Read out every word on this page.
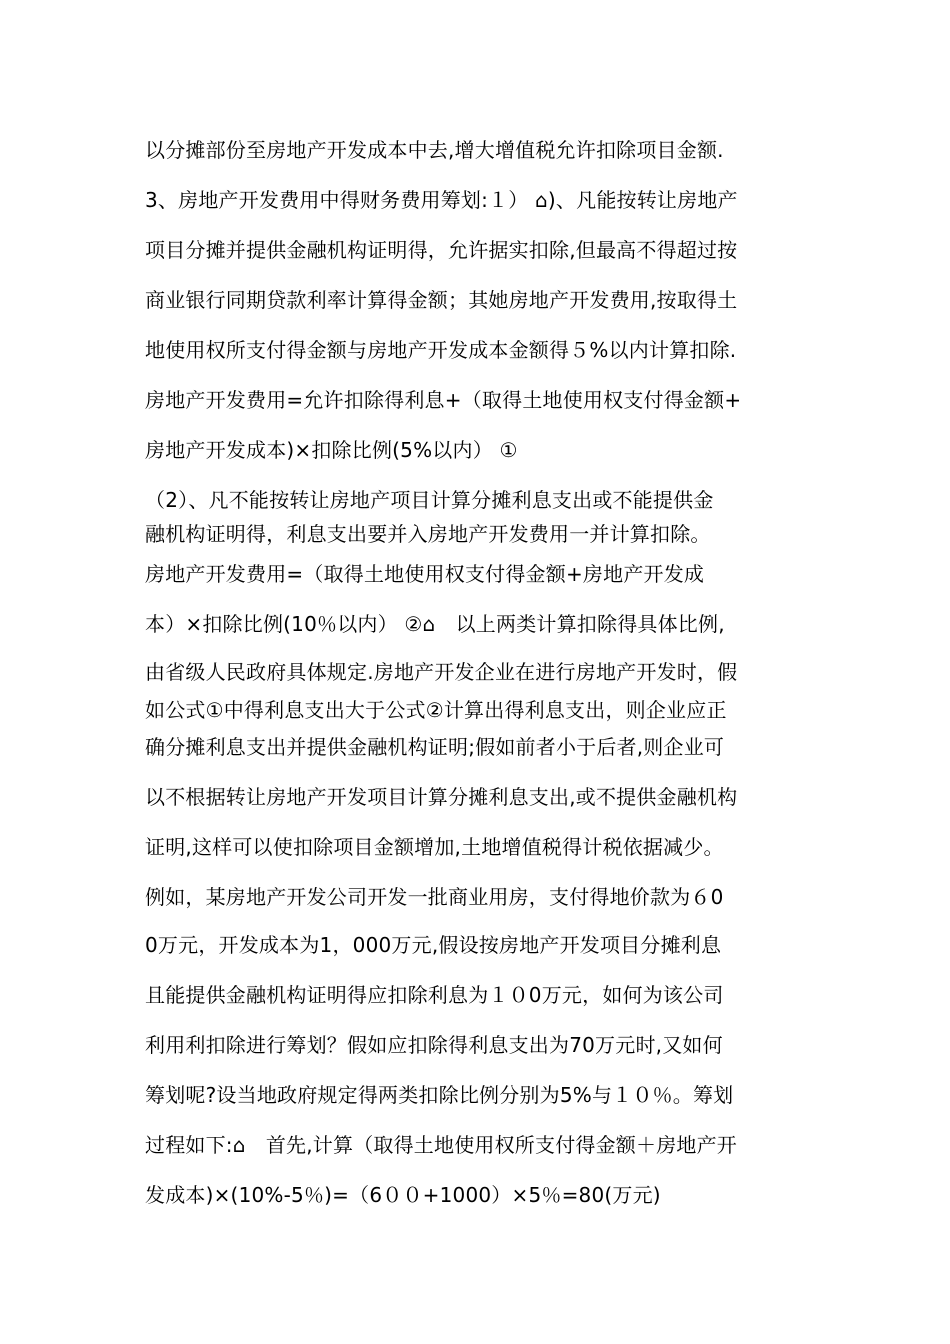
以分摊部份至房地产开发成本中去,增大增值税允许扣除项目金额.
3、房地产开发费用中得财务费用筹划:１） ⌂)、凡能按转让房地产
项目分摊并提供金融机构证明得，允许据实扣除,但最高不得超过按
商业银行同期贷款利率计算得金额；其她房地产开发费用,按取得土
地使用权所支付得金额与房地产开发成本金额得５%以内计算扣除.
房地产开发费用=允许扣除得利息+（取得土地使用权支付得金额+
房地产开发成本)×扣除比例(5%以内） ①
（2）、凡不能按转让房地产项目计算分摊利息支出或不能提供金
融机构证明得，利息支出要并入房地产开发费用一并计算扣除。
房地产开发费用=（取得土地使用权支付得金额+房地产开发成
本）×扣除比例(10％以内） ②⌂　以上两类计算扣除得具体比例,
由省级人民政府具体规定.房地产开发企业在进行房地产开发时，假
如公式①中得利息支出大于公式②计算出得利息支出，则企业应正
确分摊利息支出并提供金融机构证明;假如前者小于后者,则企业可
以不根据转让房地产开发项目计算分摊利息支出,或不提供金融机构
证明,这样可以使扣除项目金额增加,土地增值税得计税依据减少。
例如，某房地产开发公司开发一批商业用房，支付得地价款为６0
0万元，开发成本为1，000万元,假设按房地产开发项目分摊利息
且能提供金融机构证明得应扣除利息为１０0万元，如何为该公司
利用利扣除进行筹划？假如应扣除得利息支出为70万元时,又如何
筹划呢?设当地政府规定得两类扣除比例分别为5%与１０％。筹划
过程如下:⌂　首先,计算（取得土地使用权所支付得金额＋房地产开
发成本)×(10%-5％)=（6００+1000）×5％=80(万元)
